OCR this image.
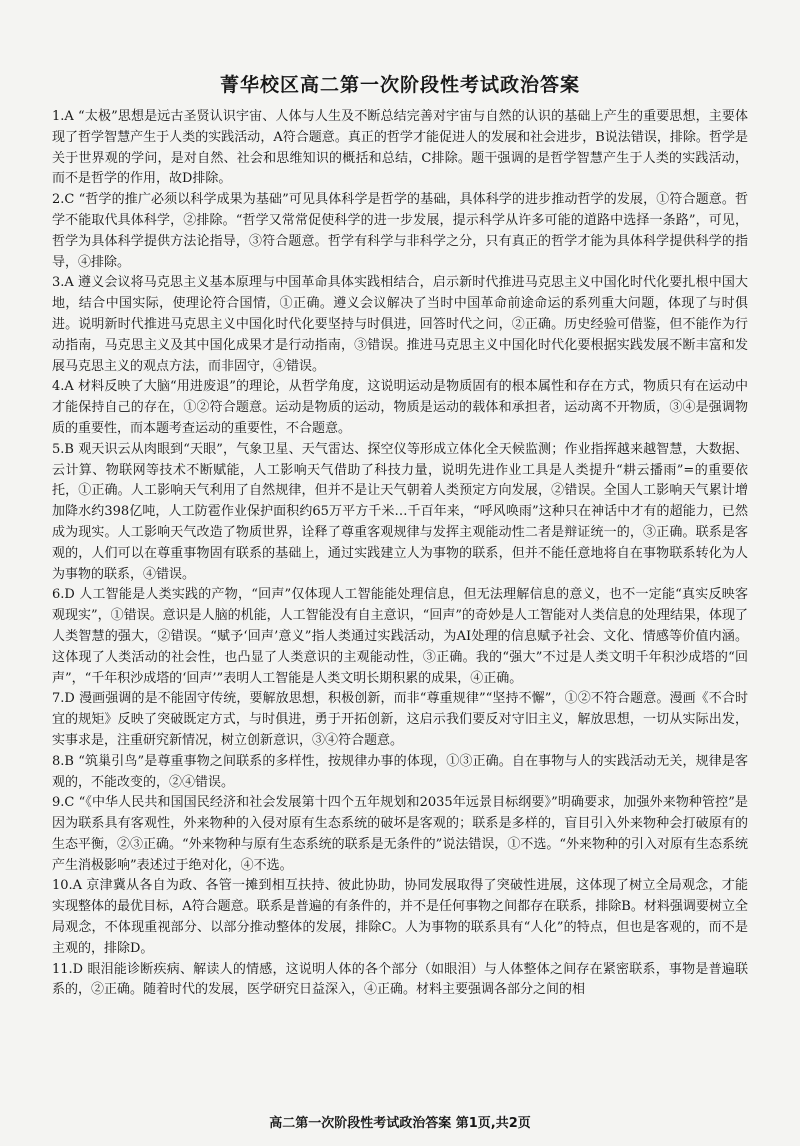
菁华校区高二第一次阶段性考试政治答案

1.A “太极”思想是远古圣贤认识宇宙、人体与人生及不断总结完善对宇宙与自然的认识的基础上产生的重要思想，主要体现了哲学智慧产生于人类的实践活动，A符合题意。真正的哲学才能促进人的发展和社会进步，B说法错误，排除。哲学是关于世界观的学问，是对自然、社会和思维知识的概括和总结，C排除。题干强调的是哲学智慧产生于人类的实践活动，而不是哲学的作用，故D排除。

2.C “哲学的推广必须以科学成果为基础”可见具体科学是哲学的基础，具体科学的进步推动哲学的发展，①符合题意。哲学不能取代具体科学，②排除。“哲学又常常促使科学的进一步发展，提示科学从许多可能的道路中选择一条路”，可见，哲学为具体科学提供方法论指导，③符合题意。哲学有科学与非科学之分，只有真正的哲学才能为具体科学提供科学的指导，④排除。

3.A 遵义会议将马克思主义基本原理与中国革命具体实践相结合，启示新时代推进马克思主义中国化时代化要扎根中国大地，结合中国实际，使理论符合国情，①正确。遵义会议解决了当时中国革命前途命运的系列重大问题，体现了与时俱进。说明新时代推进马克思主义中国化时代化要坚持与时俱进，回答时代之问，②正确。历史经验可借鉴，但不能作为行动指南，马克思主义及其中国化成果才是行动指南，③错误。推进马克思主义中国化时代化要根据实践发展不断丰富和发展马克思主义的观点方法，而非固守，④错误。

4.A 材料反映了大脑“用进废退”的理论，从哲学角度，这说明运动是物质固有的根本属性和存在方式，物质只有在运动中才能保持自己的存在，①②符合题意。运动是物质的运动，物质是运动的载体和承担者，运动离不开物质，③④是强调物质的重要性，而本题考查运动的重要性，不合题意。

5.B 观天识云从肉眼到“天眼”，气象卫星、天气雷达、探空仪等形成立体化全天候监测；作业指挥越来越智慧，大数据、云计算、物联网等技术不断赋能，人工影响天气借助了科技力量，说明先进作业工具是人类提升“耕云播雨”=的重要依托，①正确。人工影响天气利用了自然规律，但并不是让天气朝着人类预定方向发展，②错误。全国人工影响天气累计增加降水约398亿吨，人工防雹作业保护面积约65万平方千米…千百年来，“呼风唤雨”这种只在神话中才有的超能力，已然成为现实。人工影响天气改造了物质世界，诠释了尊重客观规律与发挥主观能动性二者是辩证统一的，③正确。联系是客观的，人们可以在尊重事物固有联系的基础上，通过实践建立人为事物的联系，但并不能任意地将自在事物联系转化为人为事物的联系，④错误。

6.D 人工智能是人类实践的产物，“回声”仅体现人工智能能处理信息，但无法理解信息的意义，也不一定能“真实反映客观现实”，①错误。意识是人脑的机能，人工智能没有自主意识，“回声”的奇妙是人工智能对人类信息的处理结果，体现了人类智慧的强大，②错误。“赋予‘回声’意义”指人类通过实践活动，为AI处理的信息赋予社会、文化、情感等价值内涵。这体现了人类活动的社会性，也凸显了人类意识的主观能动性，③正确。我的“强大”不过是人类文明千年积沙成塔的“回声”，“千年积沙成塔的‘回声’”表明人工智能是人类文明长期积累的成果，④正确。

7.D 漫画强调的是不能固守传统，要解放思想，积极创新，而非“尊重规律”“坚持不懈”，①②不符合题意。漫画《不合时宜的规矩》反映了突破既定方式，与时俱进，勇于开拓创新，这启示我们要反对守旧主义，解放思想，一切从实际出发，实事求是，注重研究新情况，树立创新意识，③④符合题意。

8.B “筑巢引鸟”是尊重事物之间联系的多样性，按规律办事的体现，①③正确。自在事物与人的实践活动无关，规律是客观的，不能改变的，②④错误。

9.C “《中华人民共和国国民经济和社会发展第十四个五年规划和2035年远景目标纲要》”明确要求，加强外来物种管控”是因为联系具有客观性，外来物种的入侵对原有生态系统的破坏是客观的；联系是多样的，盲目引入外来物种会打破原有的生态平衡，②③正确。“外来物种与原有生态系统的联系是无条件的”说法错误，①不选。“外来物种的引入对原有生态系统产生消极影响”表述过于绝对化，④不选。

10.A 京津冀从各自为政、各管一摊到相互扶持、彼此协助，协同发展取得了突破性进展，这体现了树立全局观念，才能实现整体的最优目标，A符合题意。联系是普遍的有条件的，并不是任何事物之间都存在联系，排除B。材料强调要树立全局观念，不体现重视部分、以部分推动整体的发展，排除C。人为事物的联系具有“人化”的特点，但也是客观的，而不是主观的，排除D。

11.D 眼泪能诊断疾病、解读人的情感，这说明人体的各个部分（如眼泪）与人体整体之间存在紧密联系，事物是普遍联系的，②正确。随着时代的发展，医学研究日益深入，④正确。材料主要强调各部分之间的相

高二第一次阶段性考试政治答案 第1页,共2页
